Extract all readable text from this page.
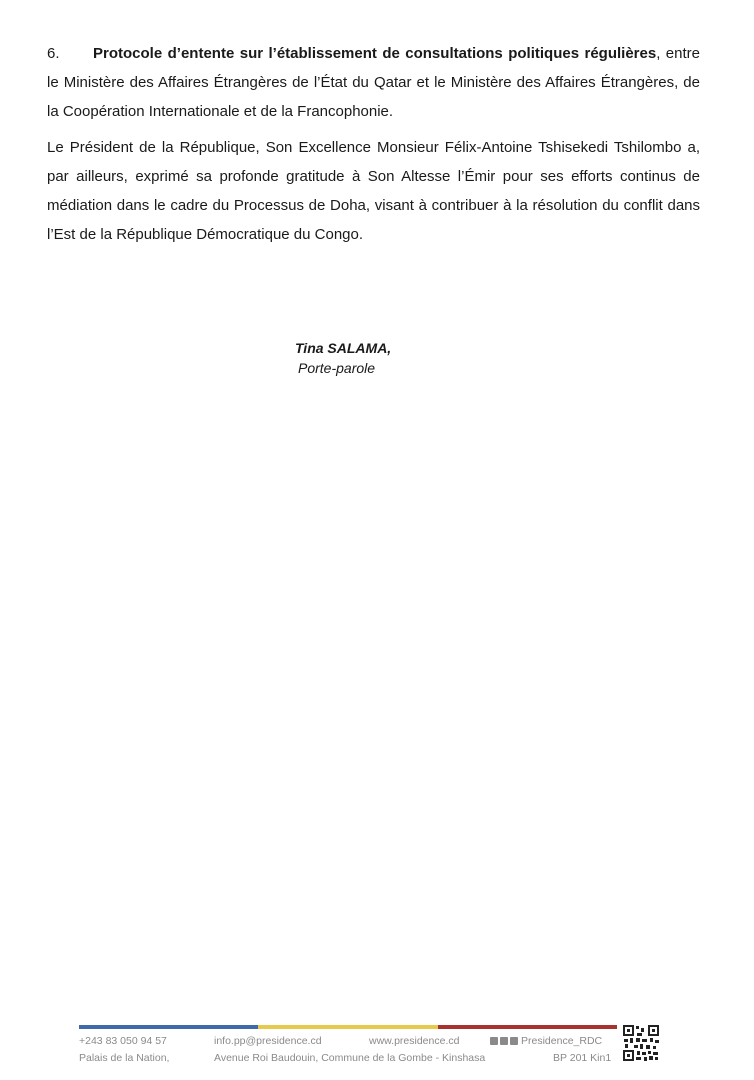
6. Protocole d’entente sur l’établissement de consultations politiques régulières, entre le Ministère des Affaires Étrangères de l’État du Qatar et le Ministère des Affaires Étrangères, de la Coopération Internationale et de la Francophonie.
Le Président de la République, Son Excellence Monsieur Félix-Antoine Tshisekedi Tshilombo a, par ailleurs, exprimé sa profonde gratitude à Son Altesse l’Émir pour ses efforts continus de médiation dans le cadre du Processus de Doha, visant à contribuer à la résolution du conflit dans l’Est de la République Démocratique du Congo.
Tina SALAMA,
Porte-parole
+243 83 050 94 57	info.pp@presidence.cd	www.presidence.cd	Presidence_RDC
Palais de la Nation,	Avenue Roi Baudouin, Commune de la Gombe - Kinshasa	BP 201 Kin1
